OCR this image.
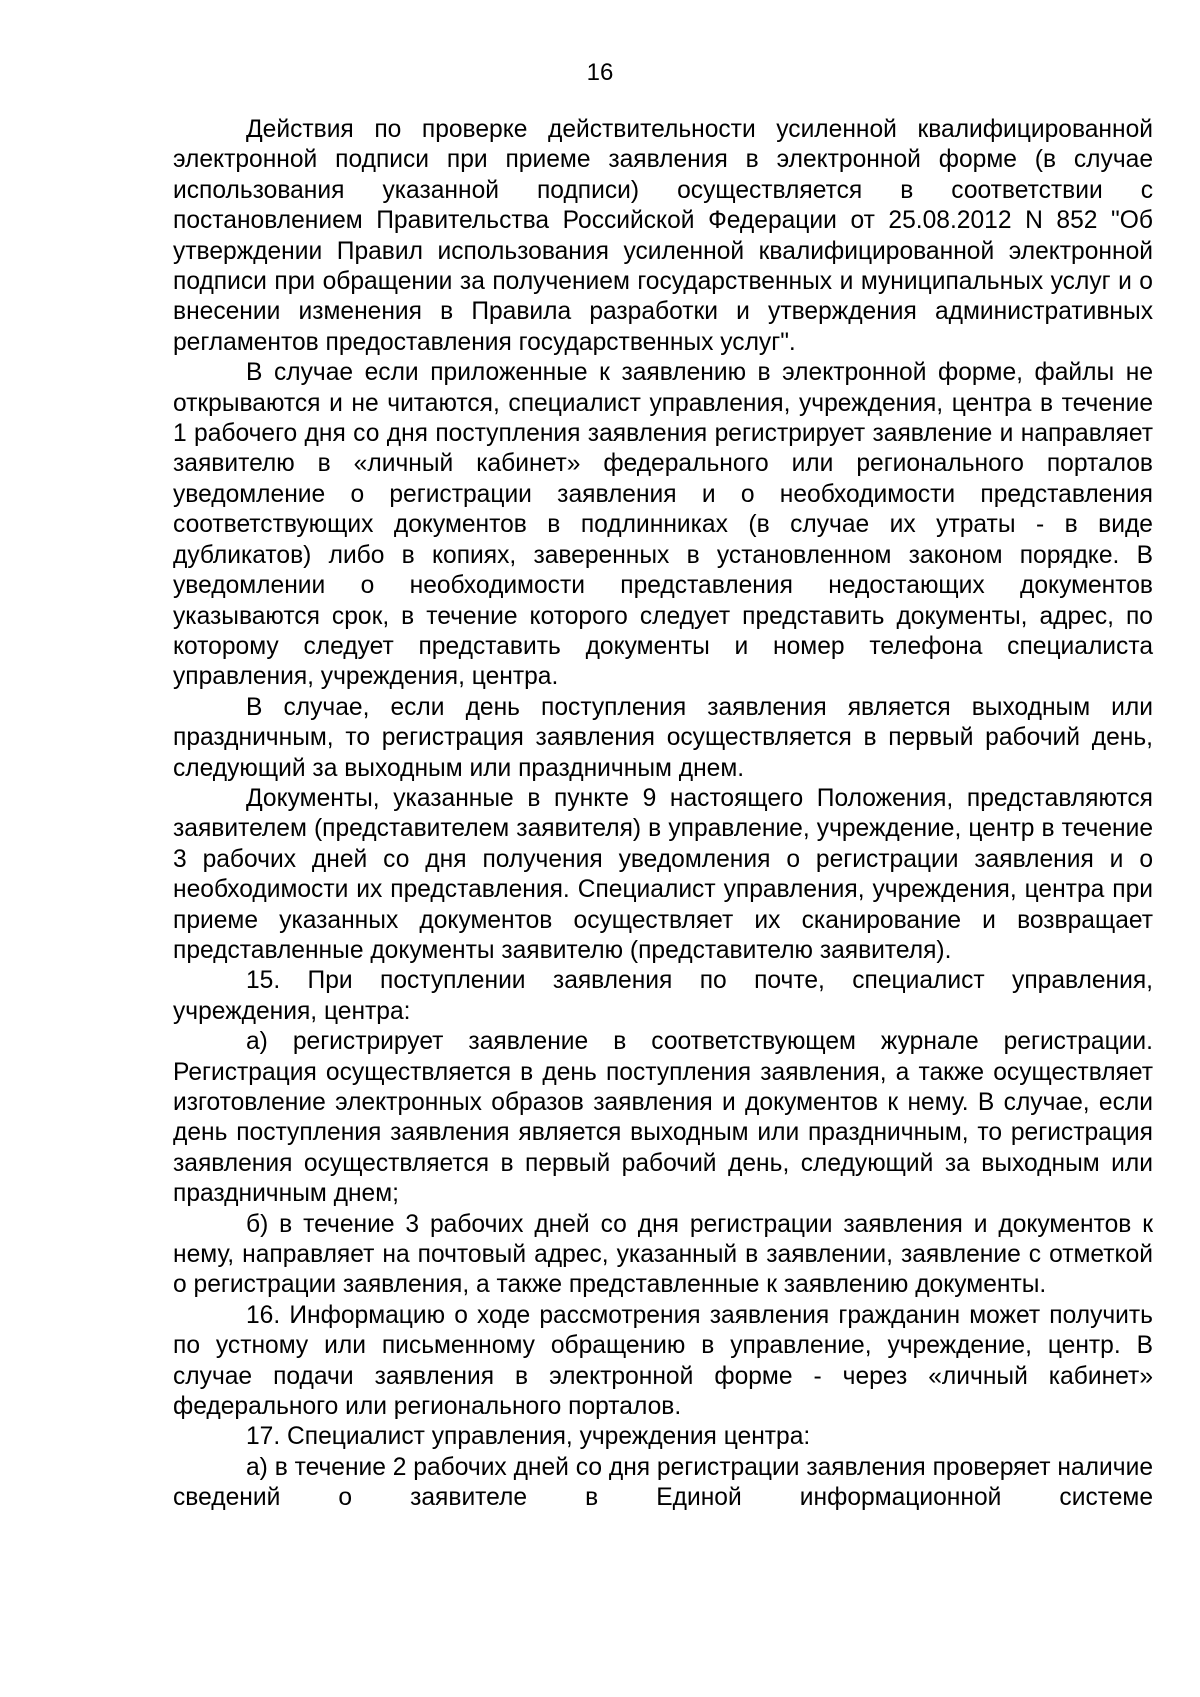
16

Действия по проверке действительности усиленной квалифицированной электронной подписи при приеме заявления в электронной форме (в случае использования указанной подписи) осуществляется в соответствии с постановлением Правительства Российской Федерации от 25.08.2012 N 852 "Об утверждении Правил использования усиленной квалифицированной электронной подписи при обращении за получением государственных и муниципальных услуг и о внесении изменения в Правила разработки и утверждения административных регламентов предоставления государственных услуг".

В случае если приложенные к заявлению в электронной форме, файлы не открываются и не читаются, специалист управления, учреждения, центра в течение 1 рабочего дня со дня поступления заявления регистрирует заявление и направляет заявителю в «личный кабинет» федерального или регионального порталов уведомление о регистрации заявления и о необходимости представления соответствующих документов в подлинниках (в случае их утраты - в виде дубликатов) либо в копиях, заверенных в установленном законом порядке. В уведомлении о необходимости представления недостающих документов указываются срок, в течение которого следует представить документы, адрес, по которому следует представить документы и номер телефона специалиста управления, учреждения, центра.

В случае, если день поступления заявления является выходным или праздничным, то регистрация заявления осуществляется в первый рабочий день, следующий за выходным или праздничным днем.

Документы, указанные в пункте 9 настоящего Положения, представляются заявителем (представителем заявителя) в управление, учреждение, центр в течение 3 рабочих дней со дня получения уведомления о регистрации заявления и о необходимости их представления. Специалист управления, учреждения, центра при приеме указанных документов осуществляет их сканирование и возвращает представленные документы заявителю (представителю заявителя).

15. При поступлении заявления по почте, специалист управления, учреждения, центра:

а) регистрирует заявление в соответствующем журнале регистрации. Регистрация осуществляется в день поступления заявления, а также осуществляет изготовление электронных образов заявления и документов к нему. В случае, если день поступления заявления является выходным или праздничным, то регистрация заявления осуществляется в первый рабочий день, следующий за выходным или праздничным днем;

б) в течение 3 рабочих дней со дня регистрации заявления и документов к нему, направляет на почтовый адрес, указанный в заявлении, заявление с отметкой о регистрации заявления, а также представленные к заявлению документы.

16. Информацию о ходе рассмотрения заявления гражданин может получить по устному или письменному обращению в управление, учреждение, центр. В случае подачи заявления в электронной форме - через «личный кабинет» федерального или регионального порталов.

17. Специалист управления, учреждения центра:

а) в течение 2 рабочих дней со дня регистрации заявления проверяет наличие сведений о заявителе в Единой информационной системе
